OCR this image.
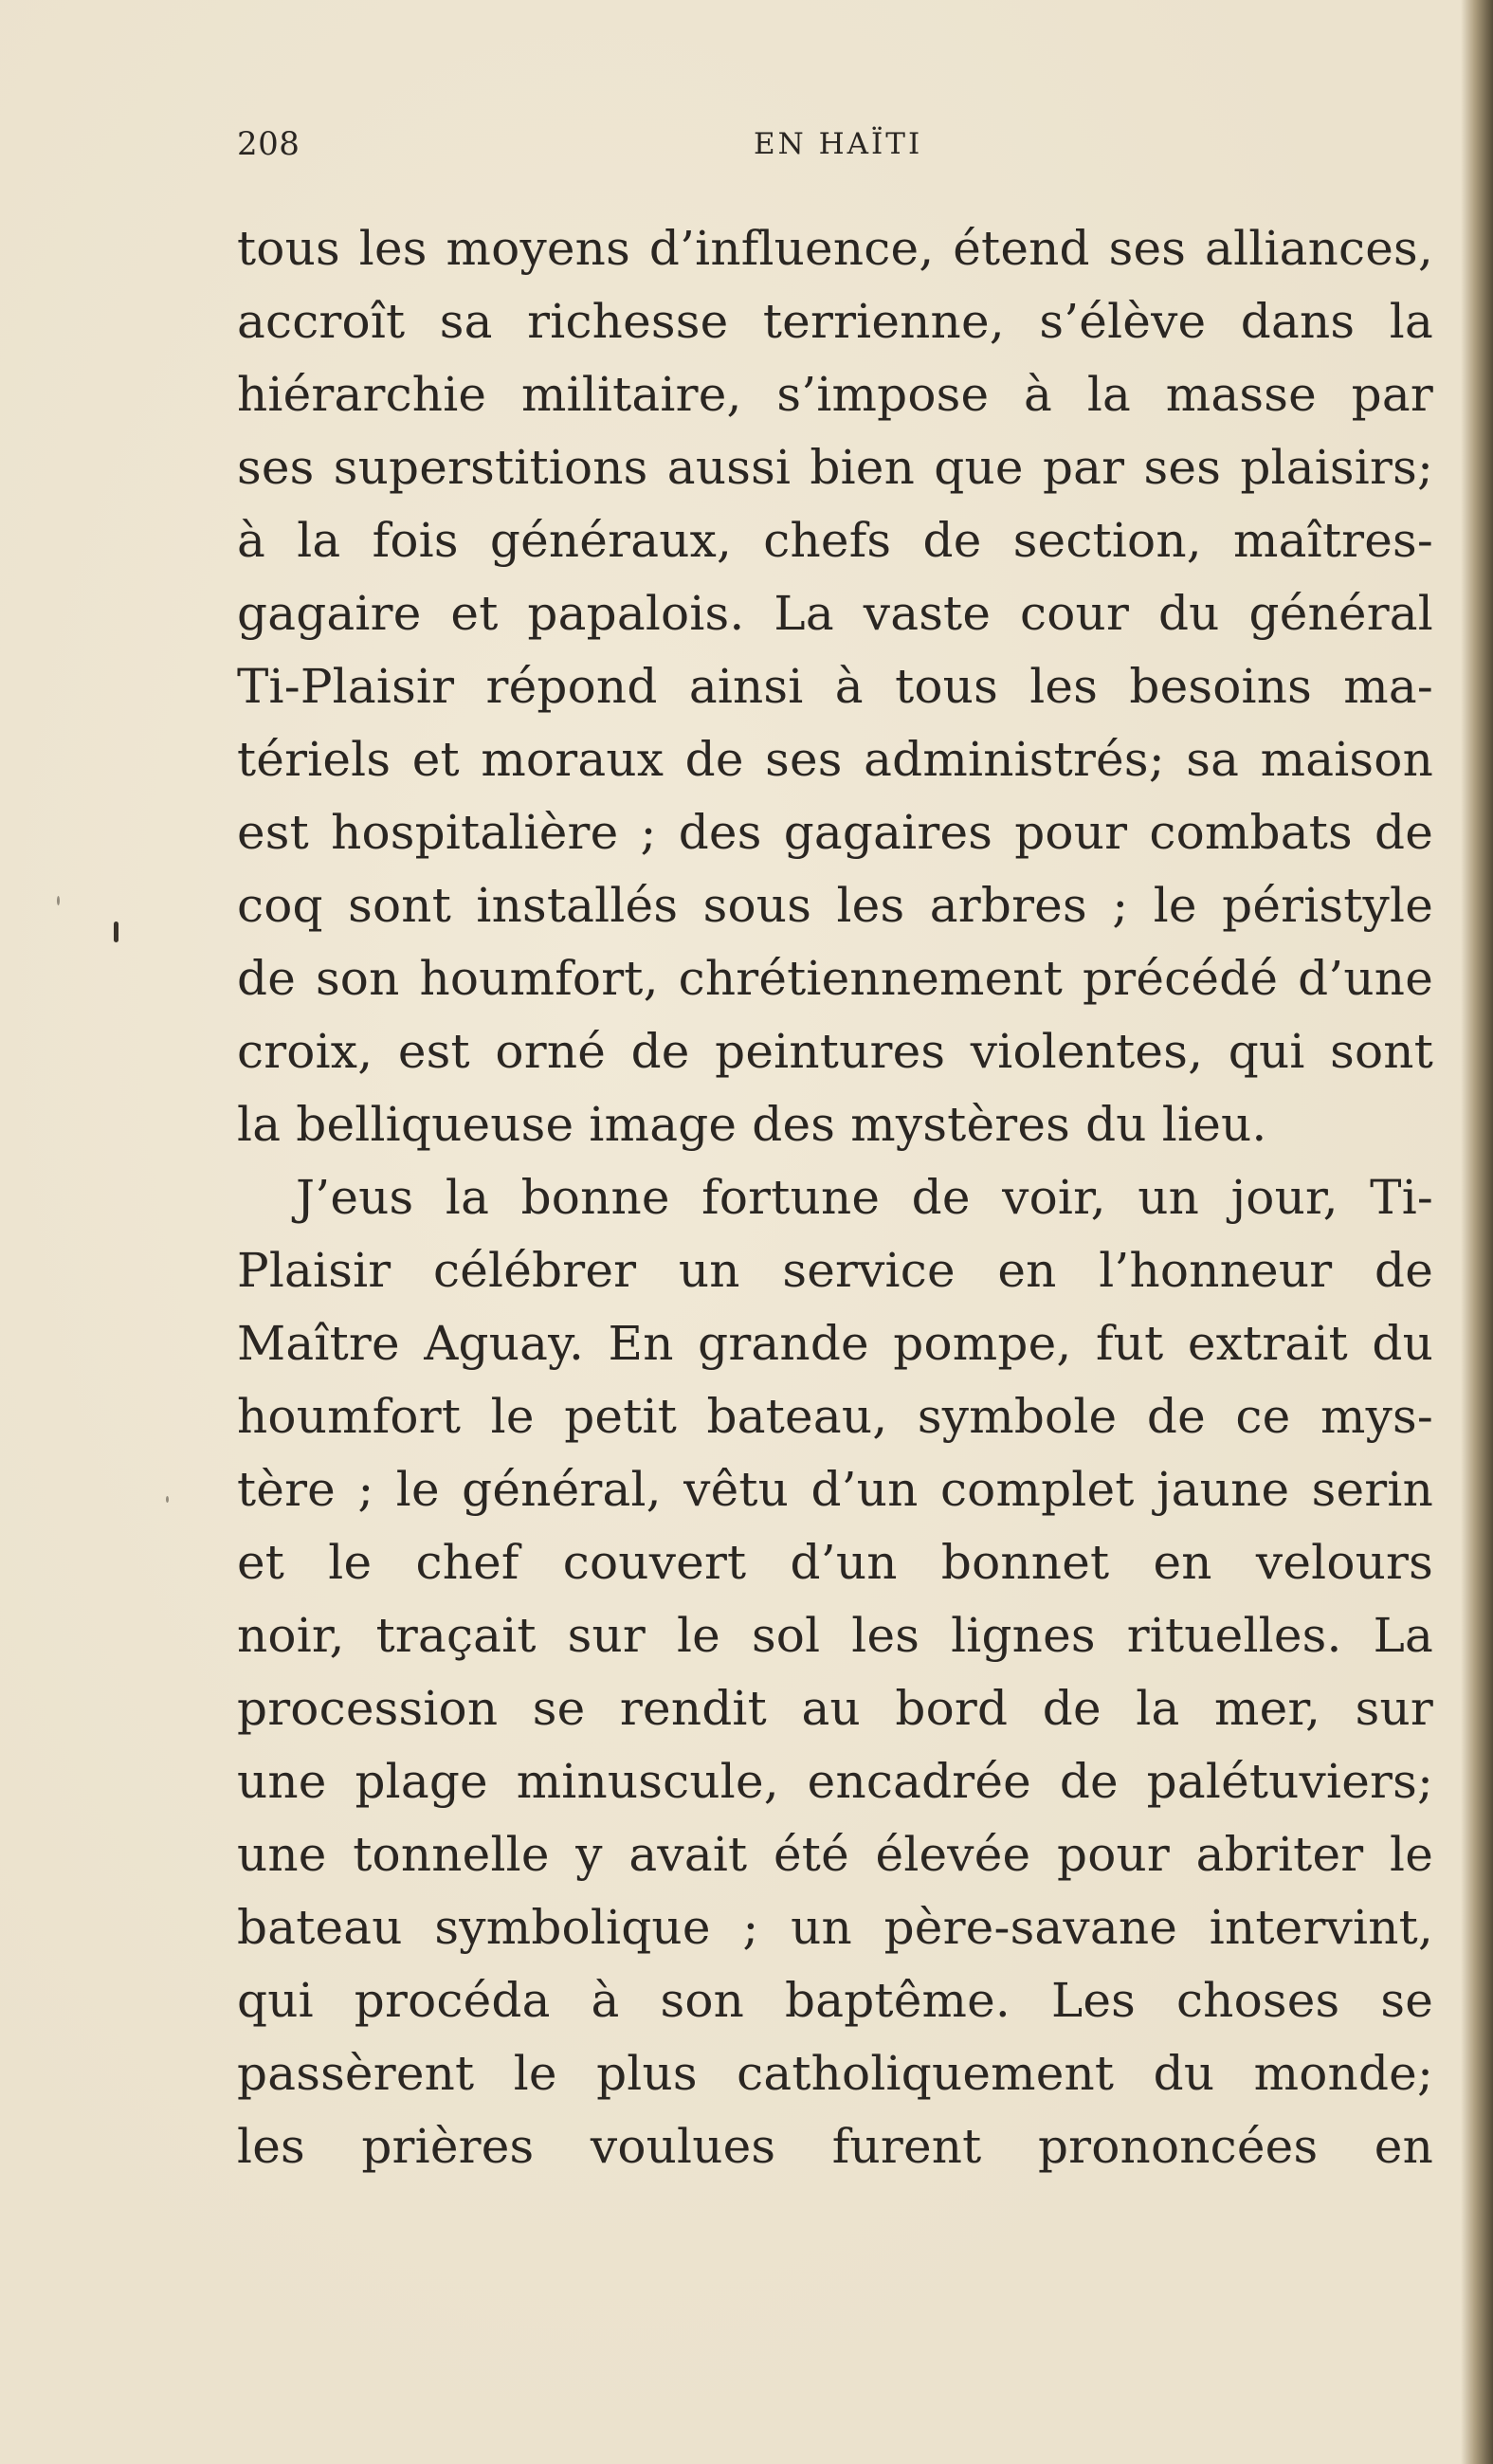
208	EN HAÏTI
tous les moyens d’influence, étend ses alliances,
accroît sa richesse terrienne, s’élève dans la
hiérarchie militaire, s’impose à la masse par
ses superstitions aussi bien que par ses plaisirs;
à la fois généraux, chefs de section, maîtres-
gagaire et papalois. La vaste cour du général
Ti-Plaisir répond ainsi à tous les besoins ma-
tériels et moraux de ses administrés; sa maison
est hospitalière ; des gagaires pour combats de
coq sont installés sous les arbres ; le péristyle
de son houmfort, chrétiennement précédé d’une
croix, est orné de peintures violentes, qui sont
la belliqueuse image des mystères du lieu.
J’eus la bonne fortune de voir, un jour, Ti-
Plaisir célébrer un service en l’honneur de
Maître Aguay. En grande pompe, fut extrait du
houmfort le petit bateau, symbole de ce mys-
tère ; le général, vêtu d’un complet jaune serin
et le chef couvert d’un bonnet en velours
noir, traçait sur le sol les lignes rituelles. La
procession se rendit au bord de la mer, sur
une plage minuscule, encadrée de palétuviers;
une tonnelle y avait été élevée pour abriter le
bateau symbolique ; un père-savane intervint,
qui procéda à son baptême. Les choses se
passèrent le plus catholiquement du monde;
les prières voulues furent prononcées en
